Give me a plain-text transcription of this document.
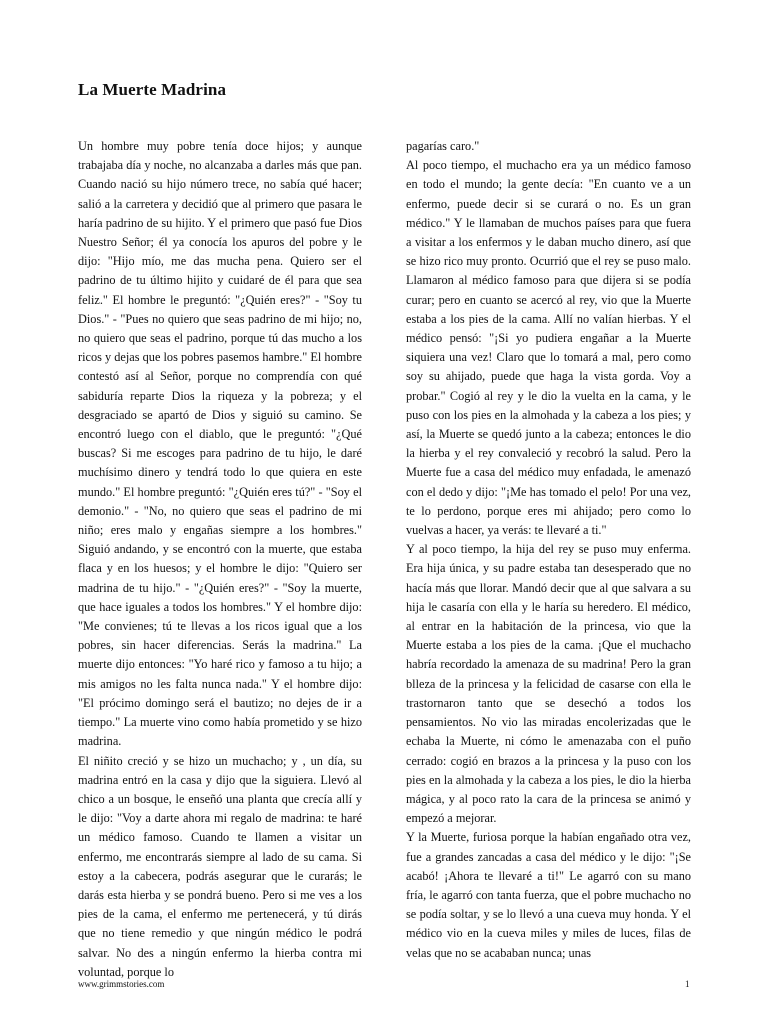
La Muerte Madrina

Un hombre muy pobre tenía doce hijos; y aunque trabajaba día y noche, no alcanzaba a darles más que pan. Cuando nació su hijo número trece, no sabía qué hacer; salió a la carretera y decidió que al primero que pasara le haría padrino de su hijito. Y el primero que pasó fue Dios Nuestro Señor; él ya conocía los apuros del pobre y le dijo: "Hijo mío, me das mucha pena. Quiero ser el padrino de tu último hijito y cuidaré de él para que sea feliz." El hombre le preguntó: "¿Quién eres?" - "Soy tu Dios." - "Pues no quiero que seas padrino de mi hijo; no, no quiero que seas el padrino, porque tú das mucho a los ricos y dejas que los pobres pasemos hambre." El hombre contestó así al Señor, porque no comprendía con qué sabiduría reparte Dios la riqueza y la pobreza; y el desgraciado se apartó de Dios y siguió su camino. Se encontró luego con el diablo, que le preguntó: "¿Qué buscas? Si me escoges para padrino de tu hijo, le daré muchísimo dinero y tendrá todo lo que quiera en este mundo." El hombre preguntó: "¿Quién eres tú?" - "Soy el demonio." - "No, no quiero que seas el padrino de mi niño; eres malo y engañas siempre a los hombres." Siguió andando, y se encontró con la muerte, que estaba flaca y en los huesos; y el hombre le dijo: "Quiero ser madrina de tu hijo." - "¿Quién eres?" - "Soy la muerte, que hace iguales a todos los hombres." Y el hombre dijo: "Me convienes; tú te llevas a los ricos igual que a los pobres, sin hacer diferencias. Serás la madrina." La muerte dijo entonces: "Yo haré rico y famoso a tu hijo; a mis amigos no les falta nunca nada." Y el hombre dijo: "El prócimo domingo será el bautizo; no dejes de ir a tiempo." La muerte vino como había prometido y se hizo madrina.

El niñito creció y se hizo un muchacho; y , un día, su madrina entró en la casa y dijo que la siguiera. Llevó al chico a un bosque, le enseñó una planta que crecía allí y le dijo: "Voy a darte ahora mi regalo de madrina: te haré un médico famoso. Cuando te llamen a visitar un enfermo, me encontrarás siempre al lado de su cama. Si estoy a la cabecera, podrás asegurar que le curarás; le darás esta hierba y se pondrá bueno. Pero si me ves a los pies de la cama, el enfermo me pertenecerá, y tú dirás que no tiene remedio y que ningún médico le podrá salvar. No des a ningún enfermo la hierba contra mi voluntad, porque lo

pagarías caro."

Al poco tiempo, el muchacho era ya un médico famoso en todo el mundo; la gente decía: "En cuanto ve a un enfermo, puede decir si se curará o no. Es un gran médico." Y le llamaban de muchos países para que fuera a visitar a los enfermos y le daban mucho dinero, así que se hizo rico muy pronto. Ocurrió que el rey se puso malo. Llamaron al médico famoso para que dijera si se podía curar; pero en cuanto se acercó al rey, vio que la Muerte estaba a los pies de la cama. Allí no valían hierbas. Y el médico pensó: "¡Si yo pudiera engañar a la Muerte siquiera una vez! Claro que lo tomará a mal, pero como soy su ahijado, puede que haga la vista gorda. Voy a probar." Cogió al rey y le dio la vuelta en la cama, y le puso con los pies en la almohada y la cabeza a los pies; y así, la Muerte se quedó junto a la cabeza; entonces le dio la hierba y el rey convaleció y recobró la salud. Pero la Muerte fue a casa del médico muy enfadada, le amenazó con el dedo y dijo: "¡Me has tomado el pelo! Por una vez, te lo perdono, porque eres mi ahijado; pero como lo vuelvas a hacer, ya verás: te llevaré a ti."

Y al poco tiempo, la hija del rey se puso muy enferma. Era hija única, y su padre estaba tan desesperado que no hacía más que llorar. Mandó decir que al que salvara a su hija le casaría con ella y le haría su heredero. El médico, al entrar en la habitación de la princesa, vio que la Muerte estaba a los pies de la cama. ¡Que el muchacho habría recordado la amenaza de su madrina! Pero la gran blleza de la princesa y la felicidad de casarse con ella le trastornaron tanto que se desechó a todos los pensamientos. No vio las miradas encolerizadas que le echaba la Muerte, ni cómo le amenazaba con el puño cerrado: cogió en brazos a la princesa y la puso con los pies en la almohada y la cabeza a los pies, le dio la hierba mágica, y al poco rato la cara de la princesa se animó y empezó a mejorar.

Y la Muerte, furiosa porque la habían engañado otra vez, fue a grandes zancadas a casa del médico y le dijo: "¡Se acabó! ¡Ahora te llevaré a ti!" Le agarró con su mano fría, le agarró con tanta fuerza, que el pobre muchacho no se podía soltar, y se lo llevó a una cueva muy honda. Y el médico vio en la cueva miles y miles de luces, filas de velas que no se acababan nunca; unas

www.grimmstories.com	1
